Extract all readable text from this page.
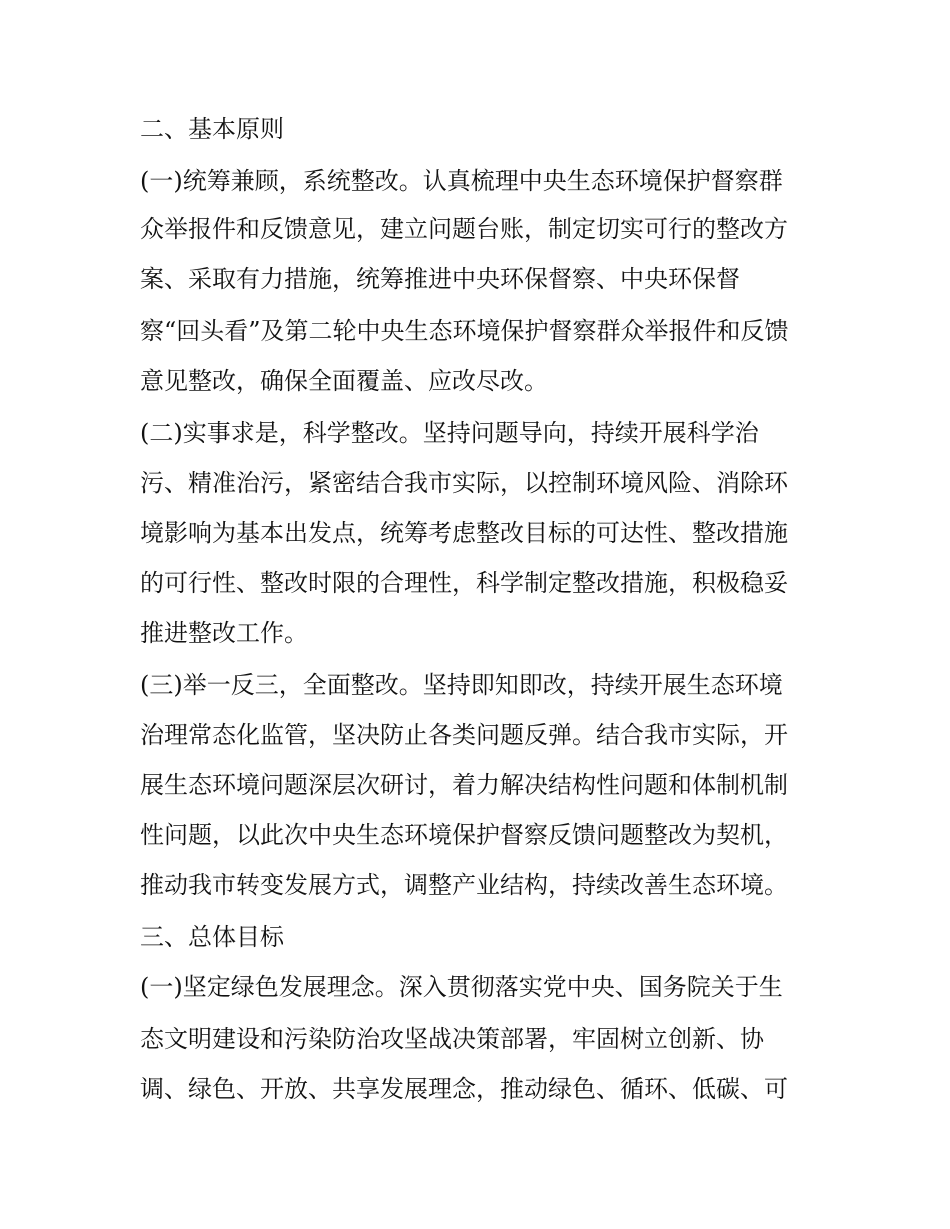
二、基本原则
(一)统筹兼顾，系统整改。认真梳理中央生态环境保护督察群
众举报件和反馈意见，建立问题台账，制定切实可行的整改方
案、采取有力措施，统筹推进中央环保督察、中央环保督
察“回头看”及第二轮中央生态环境保护督察群众举报件和反馈
意见整改，确保全面覆盖、应改尽改。
(二)实事求是，科学整改。坚持问题导向，持续开展科学治
污、精准治污，紧密结合我市实际，以控制环境风险、消除环
境影响为基本出发点，统筹考虑整改目标的可达性、整改措施
的可行性、整改时限的合理性，科学制定整改措施，积极稳妥
推进整改工作。
(三)举一反三，全面整改。坚持即知即改，持续开展生态环境
治理常态化监管，坚决防止各类问题反弹。结合我市实际，开
展生态环境问题深层次研讨，着力解决结构性问题和体制机制
性问题，以此次中央生态环境保护督察反馈问题整改为契机，
推动我市转变发展方式，调整产业结构，持续改善生态环境。
三、总体目标
(一)坚定绿色发展理念。深入贯彻落实党中央、国务院关于生
态文明建设和污染防治攻坚战决策部署，牢固树立创新、协
调、绿色、开放、共享发展理念，推动绿色、循环、低碳、可
